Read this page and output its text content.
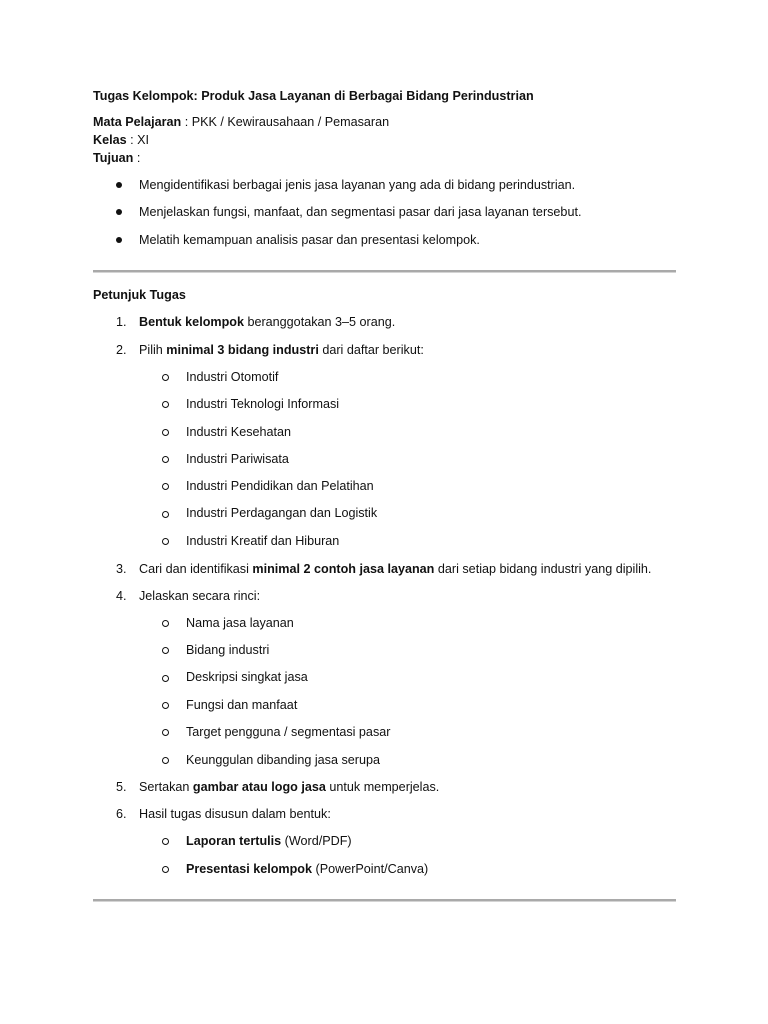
Tugas Kelompok: Produk Jasa Layanan di Berbagai Bidang Perindustrian
Mata Pelajaran : PKK / Kewirausahaan / Pemasaran
Kelas : XI
Tujuan :
Mengidentifikasi berbagai jenis jasa layanan yang ada di bidang perindustrian.
Menjelaskan fungsi, manfaat, dan segmentasi pasar dari jasa layanan tersebut.
Melatih kemampuan analisis pasar dan presentasi kelompok.
Petunjuk Tugas
1. Bentuk kelompok beranggotakan 3–5 orang.
2. Pilih minimal 3 bidang industri dari daftar berikut:
Industri Otomotif
Industri Teknologi Informasi
Industri Kesehatan
Industri Pariwisata
Industri Pendidikan dan Pelatihan
Industri Perdagangan dan Logistik
Industri Kreatif dan Hiburan
3. Cari dan identifikasi minimal 2 contoh jasa layanan dari setiap bidang industri yang dipilih.
4. Jelaskan secara rinci:
Nama jasa layanan
Bidang industri
Deskripsi singkat jasa
Fungsi dan manfaat
Target pengguna / segmentasi pasar
Keunggulan dibanding jasa serupa
5. Sertakan gambar atau logo jasa untuk memperjelas.
6. Hasil tugas disusun dalam bentuk:
Laporan tertulis (Word/PDF)
Presentasi kelompok (PowerPoint/Canva)
